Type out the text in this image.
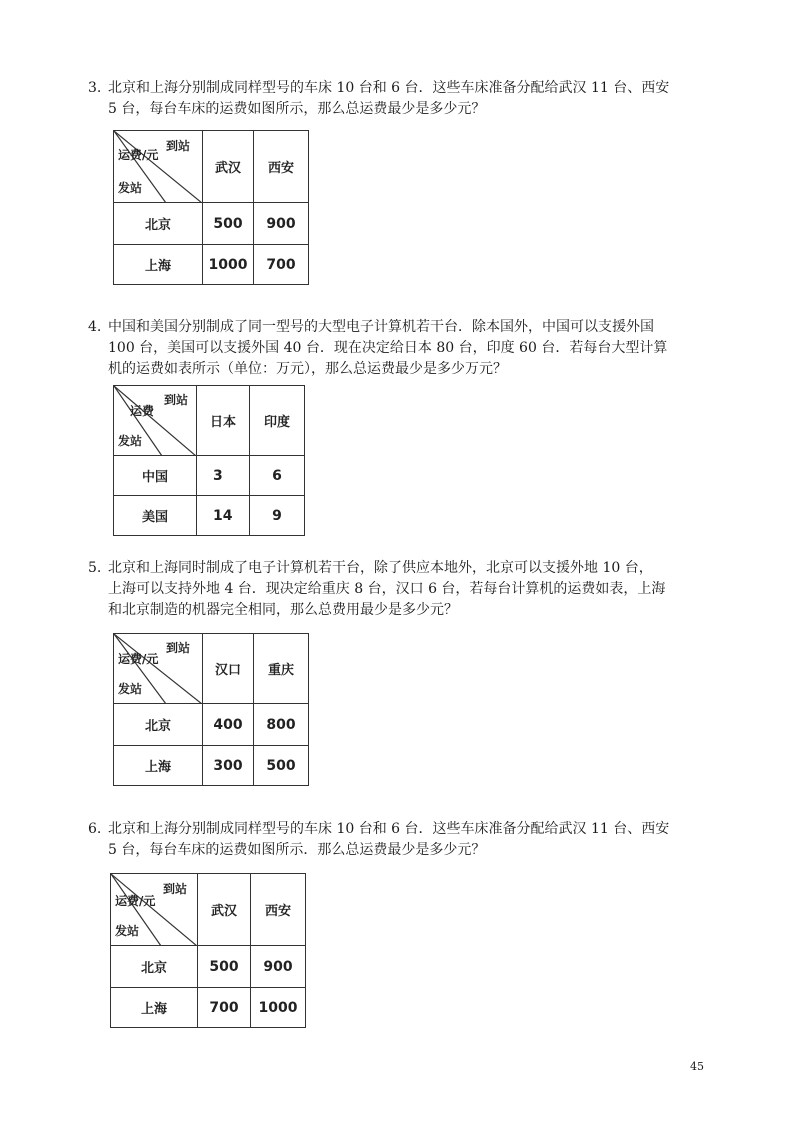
3. 北京和上海分别制成同样型号的车床 10 台和 6 台．这些车床准备分配给武汉 11 台、西安
5 台，每台车床的运费如图所示，那么总运费最少是多少元？

到站
运费/元
发站	武汉	西安
北京	500	900
上海	1000	700

4. 中国和美国分别制成了同一型号的大型电子计算机若干台．除本国外，中国可以支援外国
100 台，美国可以支援外国 40 台．现在决定给日本 80 台，印度 60 台．若每台大型计算
机的运费如表所示（单位：万元），那么总运费最少是多少万元？

到站
运费
发站	日本	印度
中国	3	6
美国	14	9

5. 北京和上海同时制成了电子计算机若干台，除了供应本地外，北京可以支援外地 10 台，
上海可以支持外地 4 台．现决定给重庆 8 台，汉口 6 台，若每台计算机的运费如表，上海
和北京制造的机器完全相同，那么总费用最少是多少元？

到站
运费/元
发站	汉口	重庆
北京	400	800
上海	300	500

6. 北京和上海分别制成同样型号的车床 10 台和 6 台．这些车床准备分配给武汉 11 台、西安
5 台，每台车床的运费如图所示．那么总运费最少是多少元？

到站
运费/元
发站	武汉	西安
北京	500	900
上海	700	1000
45
